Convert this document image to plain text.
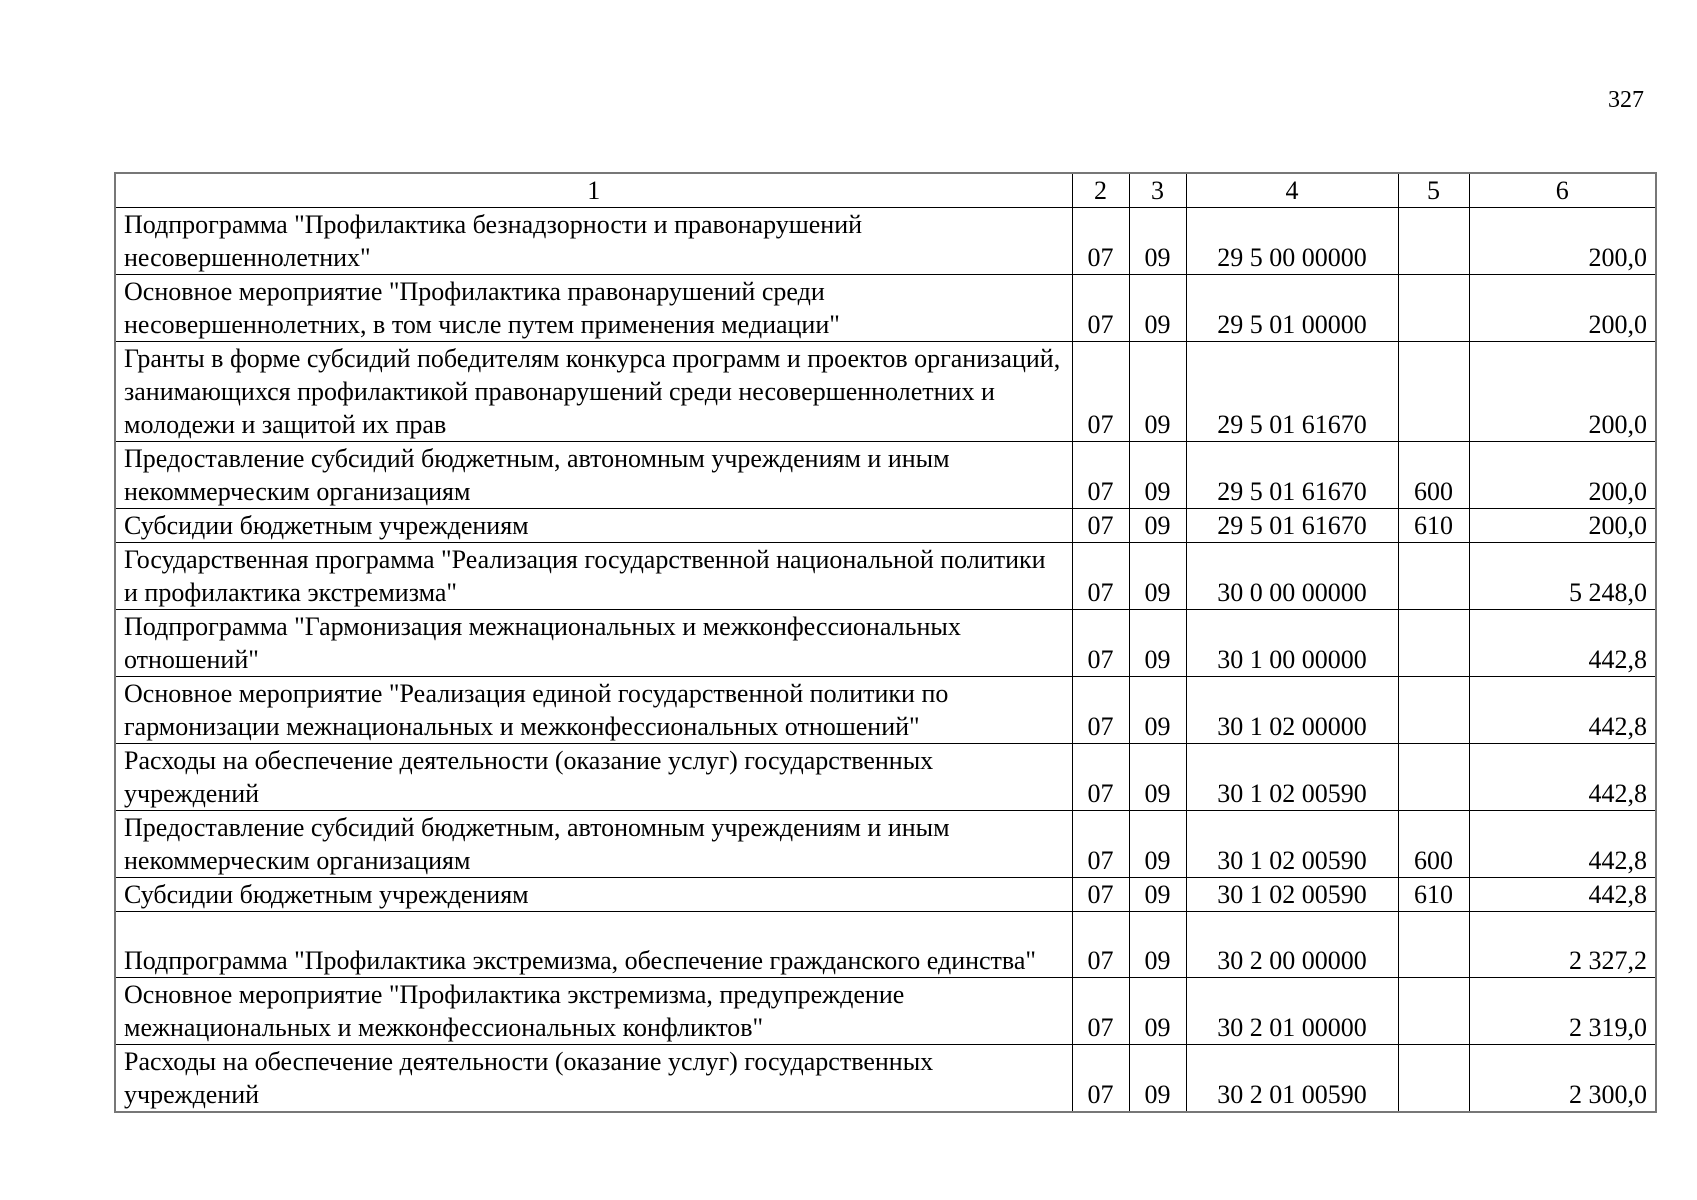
327
1	2	3	4	5	6
Подпрограмма "Профилактика безнадзорности и правонарушений несовершеннолетних"	07	09	29 5 00 00000		200,0
Основное мероприятие "Профилактика правонарушений среди несовершеннолетних, в том числе путем применения медиации"	07	09	29 5 01 00000		200,0
Гранты в форме субсидий победителям конкурса программ и проектов организаций, занимающихся профилактикой правонарушений среди несовершеннолетних и молодежи и защитой их прав	07	09	29 5 01 61670		200,0
Предоставление субсидий бюджетным, автономным учреждениям и иным некоммерческим организациям	07	09	29 5 01 61670	600	200,0
Субсидии бюджетным учреждениям	07	09	29 5 01 61670	610	200,0
Государственная программа "Реализация государственной национальной политики и профилактика экстремизма"	07	09	30 0 00 00000		5 248,0
Подпрограмма "Гармонизация межнациональных и межконфессиональных отношений"	07	09	30 1 00 00000		442,8
Основное мероприятие "Реализация единой государственной политики по гармонизации межнациональных и межконфессиональных отношений"	07	09	30 1 02 00000		442,8
Расходы на обеспечение деятельности (оказание услуг) государственных учреждений	07	09	30 1 02 00590		442,8
Предоставление субсидий бюджетным, автономным учреждениям и иным некоммерческим организациям	07	09	30 1 02 00590	600	442,8
Субсидии бюджетным учреждениям	07	09	30 1 02 00590	610	442,8
Подпрограмма "Профилактика экстремизма, обеспечение гражданского единства"	07	09	30 2 00 00000		2 327,2
Основное мероприятие "Профилактика экстремизма, предупреждение межнациональных и межконфессиональных конфликтов"	07	09	30 2 01 00000		2 319,0
Расходы на обеспечение деятельности (оказание услуг) государственных учреждений	07	09	30 2 01 00590		2 300,0
